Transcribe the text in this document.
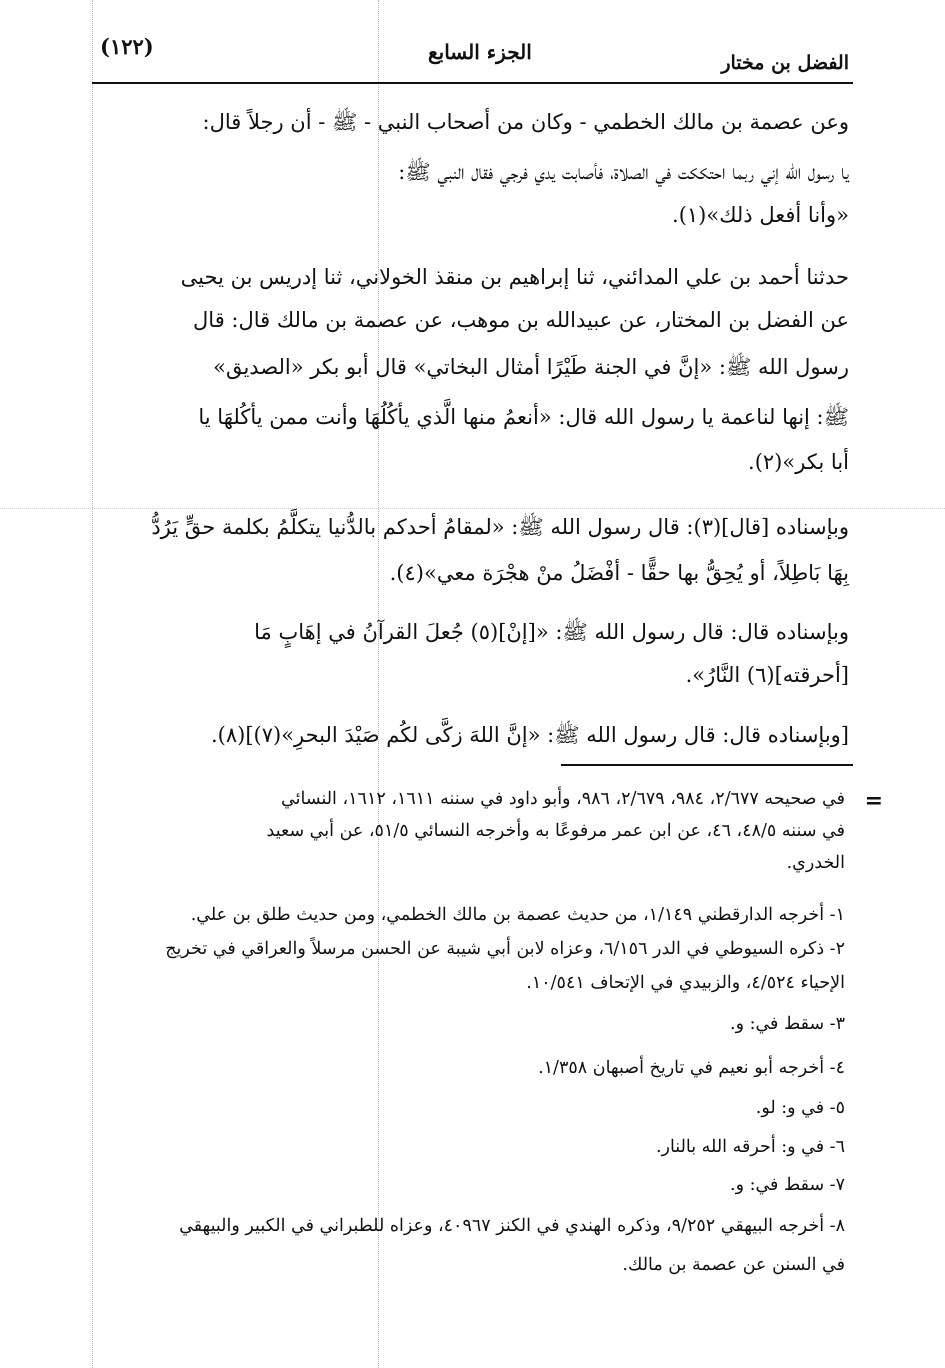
الفضل بن مختار
الجزء السابع
(١٢٢)
وعن عصمة بن مالك الخطمي - وكان من أصحاب النبي - ﷺ - أن رجلاً قال:
يا رسول الله إني ربما احتككت في الصلاة، فأصابت يدي فرجي فقال النبي ﷺ:
«وأنا أفعل ذلك»(١).
حدثنا أحمد بن علي المدائني، ثنا إبراهيم بن منقذ الخولاني، ثنا إدريس بن يحيى
عن الفضل بن المختار، عن عبيدالله بن موهب، عن عصمة بن مالك قال: قال
رسول الله ﷺ: «إنَّ في الجنة طَيْرًا أمثال البخاتي» قال أبو بكر «الصديق»
ﷺ: إنها لناعمة يا رسول الله قال: «أنعمُ منها الَّذي يأكُلُهَا وأنت ممن يأكُلهَا يا
أبا بكر»(٢).
وبإسناده [قال](٣): قال رسول الله ﷺ: «لمقامُ أحدكم بالدُّنيا يتكلَّمُ بكلمة حقٍّ يَرُدُّ
بِهَا بَاطِلاً، أو يُحِقُّ بها حقًّا - أفْضَلُ منْ هجْرَة معي»(٤).
وبإسناده قال: قال رسول الله ﷺ: «[إنْ](٥) جُعلَ القرآنُ في إهَابٍ مَا
[أحرقته](٦) النَّارُ».
[وبإسناده قال: قال رسول الله ﷺ: «إنَّ اللهَ زكَّى لكُم صَيْدَ البحرِ»(٧)](٨).
=
في صحيحه ٢/٦٧٧، ٩٨٤، ٢/٦٧٩، ٩٨٦، وأبو داود في سننه ١٦١١، ١٦١٢، النسائي
في سننه ٤٨/٥، ٤٦، عن ابن عمر مرفوعًا به وأخرجه النسائي ٥١/٥، عن أبي سعيد
الخدري.
١- أخرجه الدارقطني ١/١٤٩، من حديث عصمة بن مالك الخطمي، ومن حديث طلق بن علي.
٢- ذكره السيوطي في الدر ٦/١٥٦، وعزاه لابن أبي شيبة عن الحسن مرسلاً والعراقي في تخريج
الإحياء ٤/٥٢٤، والزبيدي في الإتحاف ١٠/٥٤١.
٣- سقط في: و.
٤- أخرجه أبو نعيم في تاريخ أصبهان ١/٣٥٨.
٥- في و: لو.
٦- في و: أحرقه الله بالنار.
٧- سقط في: و.
٨- أخرجه البيهقي ٩/٢٥٢، وذكره الهندي في الكنز ٤٠٩٦٧، وعزاه للطبراني في الكبير والبيهقي
في السنن عن عصمة بن مالك.
